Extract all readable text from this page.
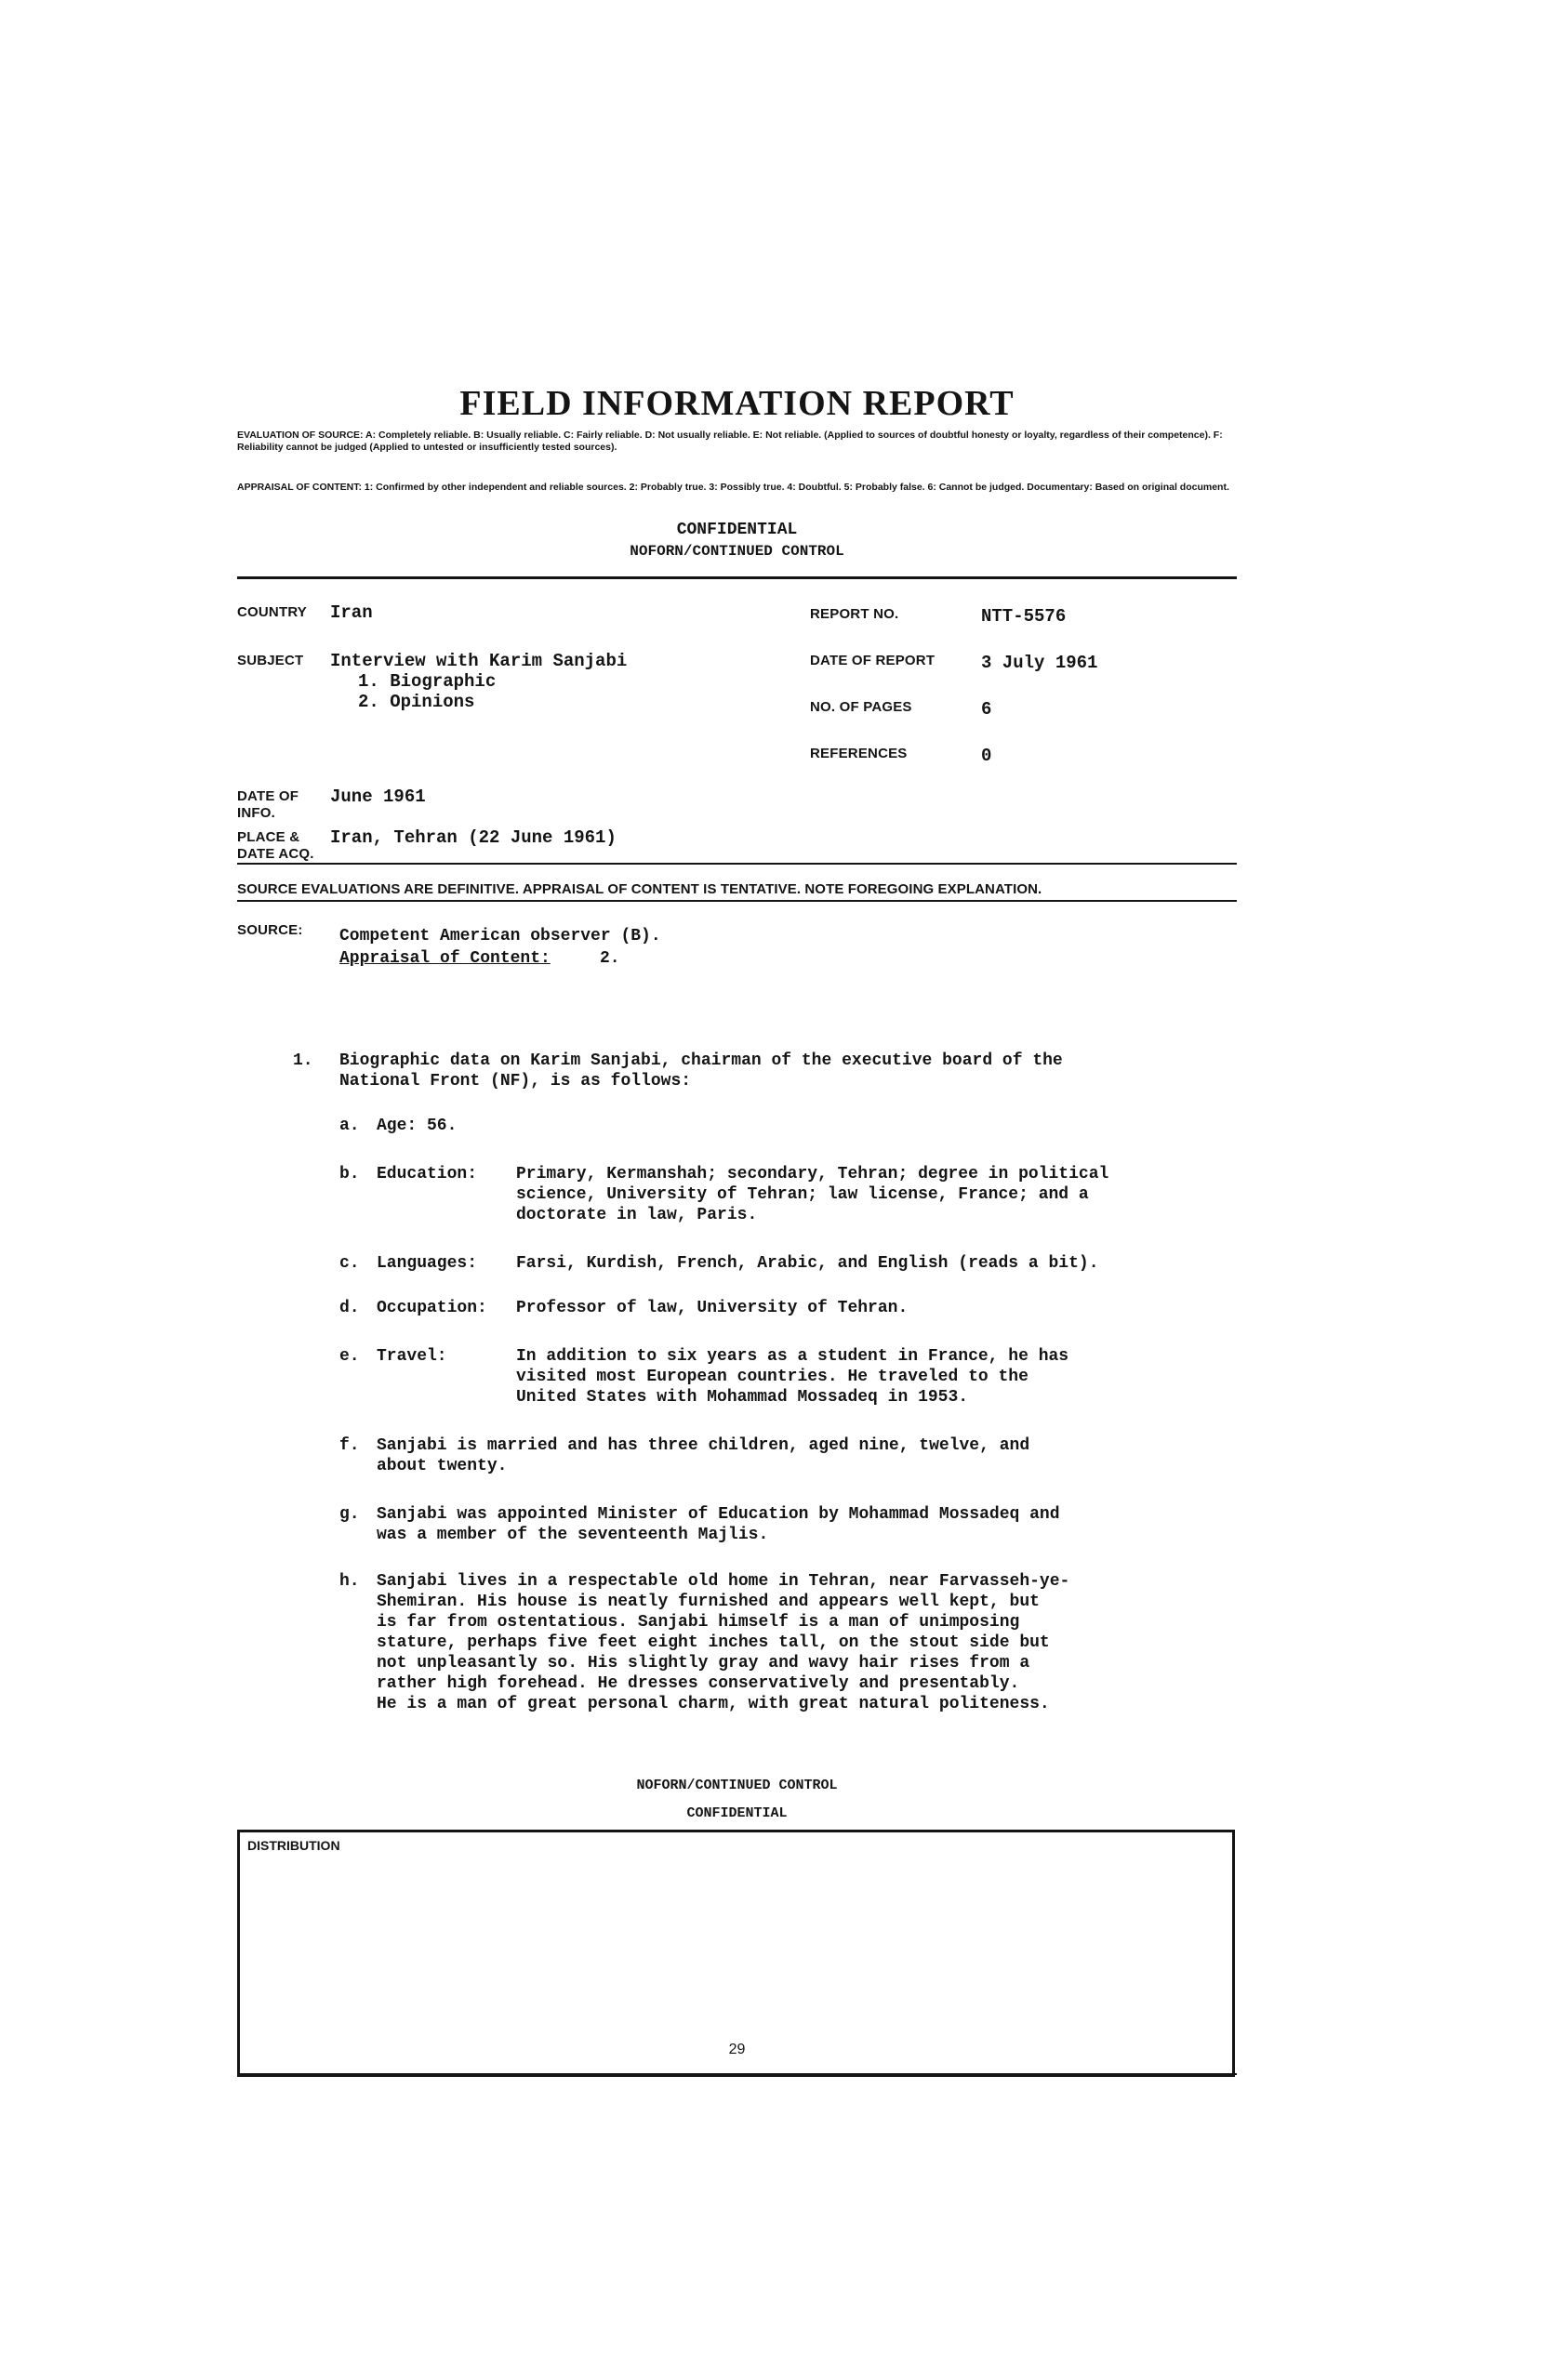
FIELD INFORMATION REPORT
EVALUATION OF SOURCE: A: Completely reliable. B: Usually reliable. C: Fairly reliable. D: Not usually reliable. E: Not reliable. (Applied to sources of doubtful honesty or loyalty, regardless of their competence). F: Reliability cannot be judged (Applied to untested or insufficiently tested sources).
APPRAISAL OF CONTENT: 1: Confirmed by other independent and reliable sources. 2: Probably true. 3: Possibly true. 4: Doubtful. 5: Probably false. 6: Cannot be judged. Documentary: Based on original document.
CONFIDENTIAL
NOFORN/CONTINUED CONTROL
COUNTRY Iran
SUBJECT Interview with Karim Sanjabi
1. Biographic
2. Opinions
REPORT NO.	NTT-5576
DATE OF REPORT	3 July 1961
NO. OF PAGES	6
REFERENCES	0
DATE OF
INFO.
June 1961
PLACE &
DATE ACQ.
Iran, Tehran (22 June 1961)
SOURCE EVALUATIONS ARE DEFINITIVE. APPRAISAL OF CONTENT IS TENTATIVE. NOTE FOREGOING EXPLANATION.
SOURCE: Competent American observer (B).
Appraisal of Content:	2.
1. Biographic data on Karim Sanjabi, chairman of the executive board of the
National Front (NF), is as follows:
a. Age: 56.
b. Education: Primary, Kermanshah; secondary, Tehran; degree in political
science, University of Tehran; law license, France; and a
doctorate in law, Paris.
c. Languages: Farsi, Kurdish, French, Arabic, and English (reads a bit).
d. Occupation: Professor of law, University of Tehran.
e. Travel:	In addition to six years as a student in France, he has
visited most European countries. He traveled to the
United States with Mohammad Mossadeq in 1953.
f. Sanjabi is married and has three children, aged nine, twelve, and
about twenty.
g. Sanjabi was appointed Minister of Education by Mohammad Mossadeq and
was a member of the seventeenth Majlis.
h. Sanjabi lives in a respectable old home in Tehran, near Farvasseh-ye-
Shemiran. His house is neatly furnished and appears well kept, but
is far from ostentatious. Sanjabi himself is a man of unimposing
stature, perhaps five feet eight inches tall, on the stout side but
not unpleasantly so. His slightly gray and wavy hair rises from a
rather high forehead. He dresses conservatively and presentably.
He is a man of great personal charm, with great natural politeness.
NOFORN/CONTINUED CONTROL
CONFIDENTIAL
DISTRIBUTION
29
